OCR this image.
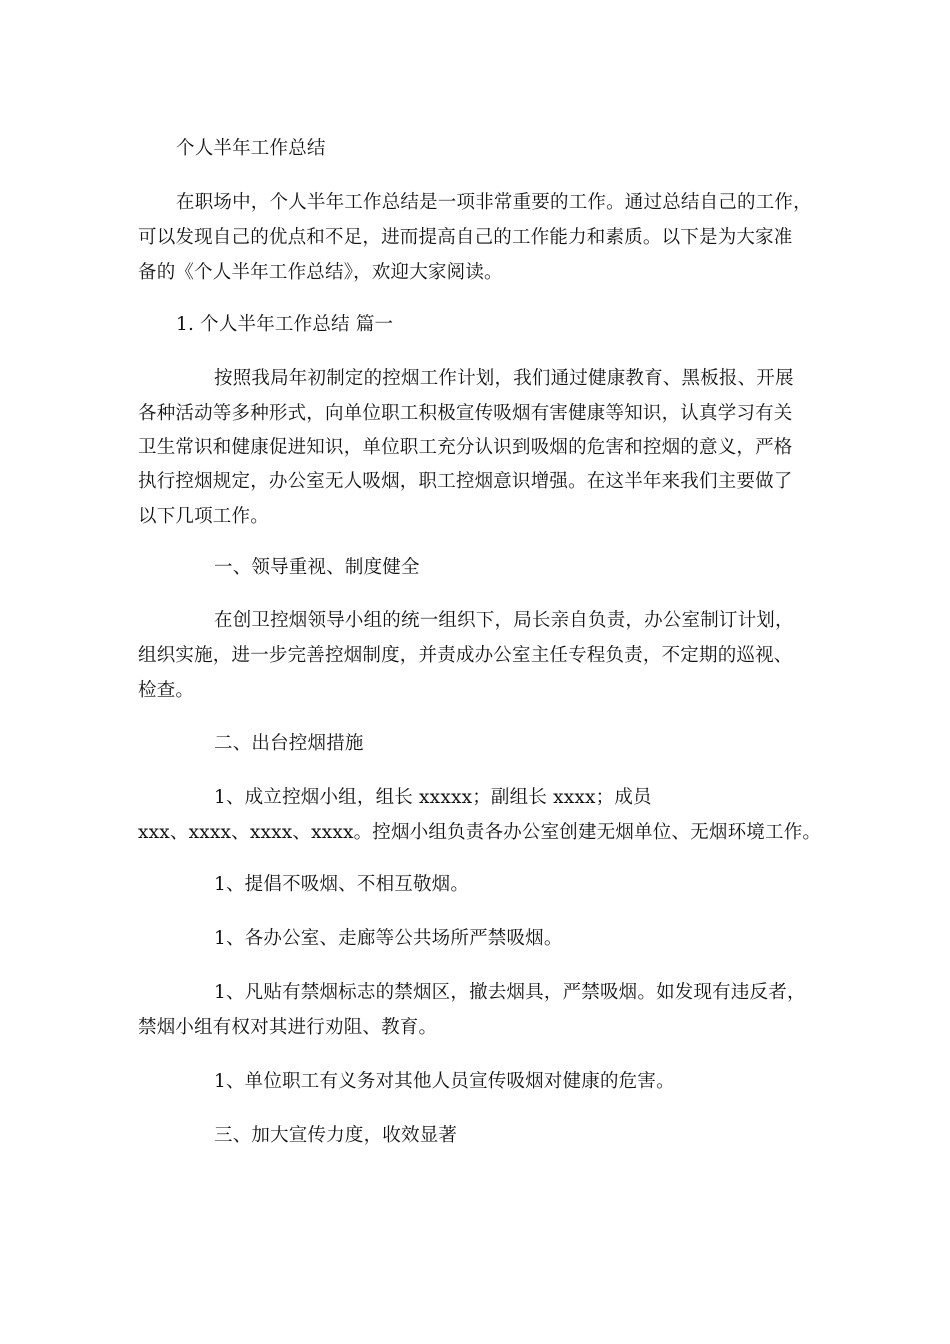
个人半年工作总结
在职场中，个人半年工作总结是一项非常重要的工作。通过总结自己的工作，
可以发现自己的优点和不足，进而提高自己的工作能力和素质。以下是为大家准
备的《个人半年工作总结》，欢迎大家阅读。
1. 个人半年工作总结 篇一
按照我局年初制定的控烟工作计划，我们通过健康教育、黑板报、开展
各种活动等多种形式，向单位职工积极宣传吸烟有害健康等知识，认真学习有关
卫生常识和健康促进知识，单位职工充分认识到吸烟的危害和控烟的意义，严格
执行控烟规定，办公室无人吸烟，职工控烟意识增强。在这半年来我们主要做了
以下几项工作。
一、领导重视、制度健全
在创卫控烟领导小组的统一组织下，局长亲自负责，办公室制订计划，
组织实施，进一步完善控烟制度，并责成办公室主任专程负责，不定期的巡视、
检查。
二、出台控烟措施
1、成立控烟小组，组长 xxxxx；副组长 xxxx；成员
xxx、xxxx、xxxx、xxxx。控烟小组负责各办公室创建无烟单位、无烟环境工作。
1、提倡不吸烟、不相互敬烟。
1、各办公室、走廊等公共场所严禁吸烟。
1、凡贴有禁烟标志的禁烟区，撤去烟具，严禁吸烟。如发现有违反者，
禁烟小组有权对其进行劝阻、教育。
1、单位职工有义务对其他人员宣传吸烟对健康的危害。
三、加大宣传力度，收效显著
